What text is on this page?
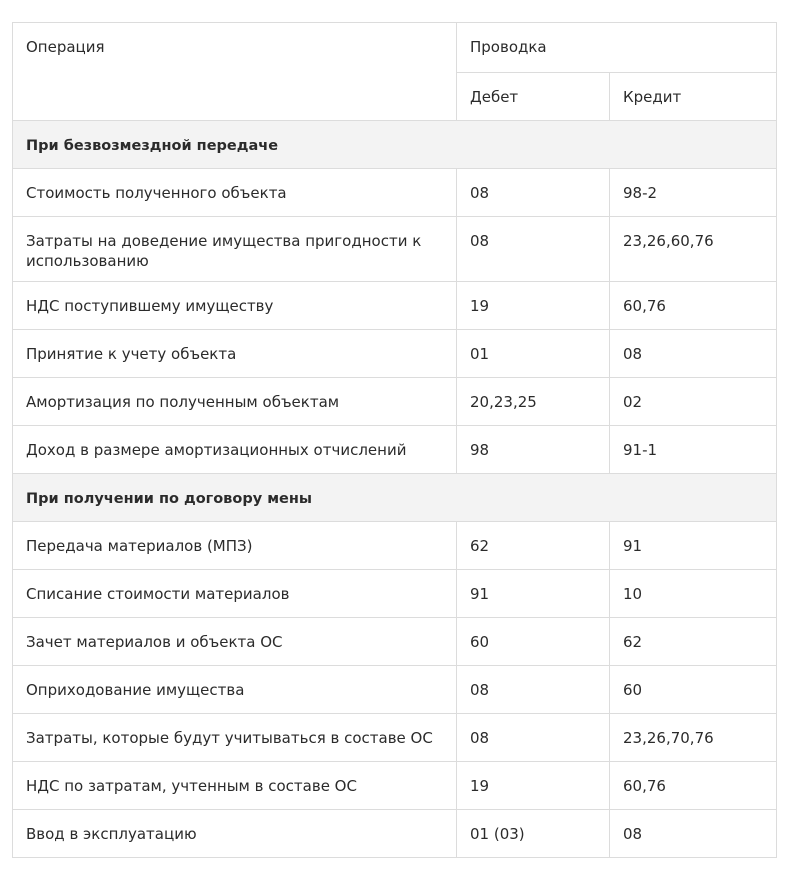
Операция	Проводка	
	Дебет	Кредит
При безвозмездной передаче		
Стоимость полученного объекта	08	98-2
Затраты на доведение имущества пригодности к использованию	08	23,26,60,76
НДС поступившему имуществу	19	60,76
Принятие к учету объекта	01	08
Амортизация по полученным объектам	20,23,25	02
Доход в размере амортизационных отчислений	98	91-1
При получении по договору мены		
Передача материалов (МПЗ)	62	91
Списание стоимости материалов	91	10
Зачет материалов и объекта ОС	60	62
Оприходование имущества	08	60
Затраты, которые будут учитываться в составе ОС	08	23,26,70,76
НДС по затратам, учтенным в составе ОС	19	60,76
Ввод в эксплуатацию	01 (03)	08
